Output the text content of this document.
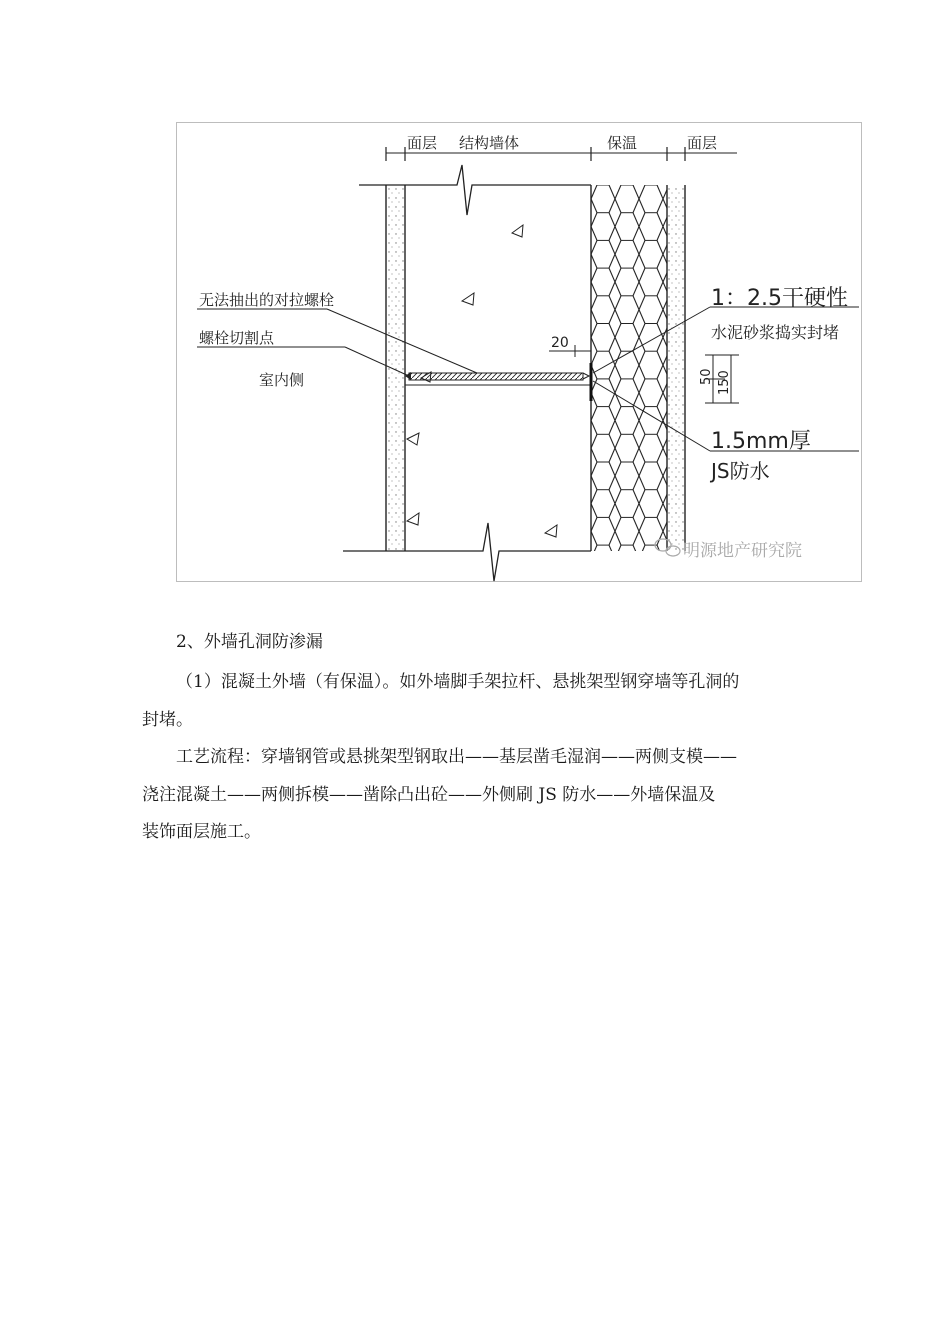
面层 结构墙体	保温	面层
无法抽出的对拉螺栓
螺栓切割点
室内侧
20
50 150
1：2.5干硬性
水泥砂浆捣实封堵
1.5mm厚
JS防水
明源地产研究院
2、外墙孔洞防渗漏
（1）混凝土外墙（有保温）。如外墙脚手架拉杆、悬挑架型钢穿墙等孔洞的
封堵。
工艺流程：穿墙钢管或悬挑架型钢取出——基层凿毛湿润——两侧支模——
浇注混凝土——两侧拆模——凿除凸出砼——外侧刷 JS 防水——外墙保温及
装饰面层施工。
